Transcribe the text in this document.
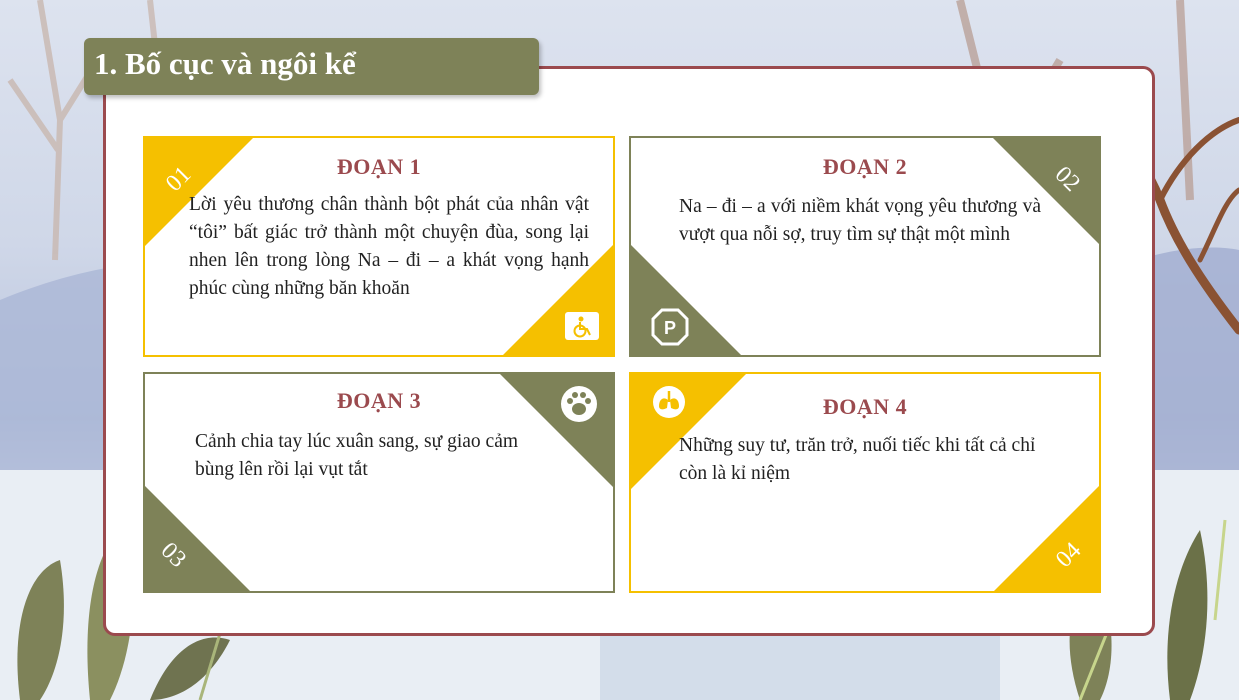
1. Bố cục và ngôi kể
01	ĐOẠN 1
Lời yêu thương chân thành bột phát của nhân vật “tôi” bất giác trở thành một chuyện đùa, song lại nhen lên trong lòng Na – đi – a khát vọng hạnh phúc cùng những băn khoăn
02
ĐOẠN 2
Na – đi – a với niềm khát vọng yêu thương và vượt qua nỗi sợ, truy tìm sự thật một mình
P
03
ĐOẠN 3
Cảnh chia tay lúc xuân sang, sự giao cảm bùng lên rồi lại vụt tắt
04
ĐOẠN 4
Những suy tư, trăn trở, nuối tiếc khi tất cả chỉ còn là kỉ niệm
